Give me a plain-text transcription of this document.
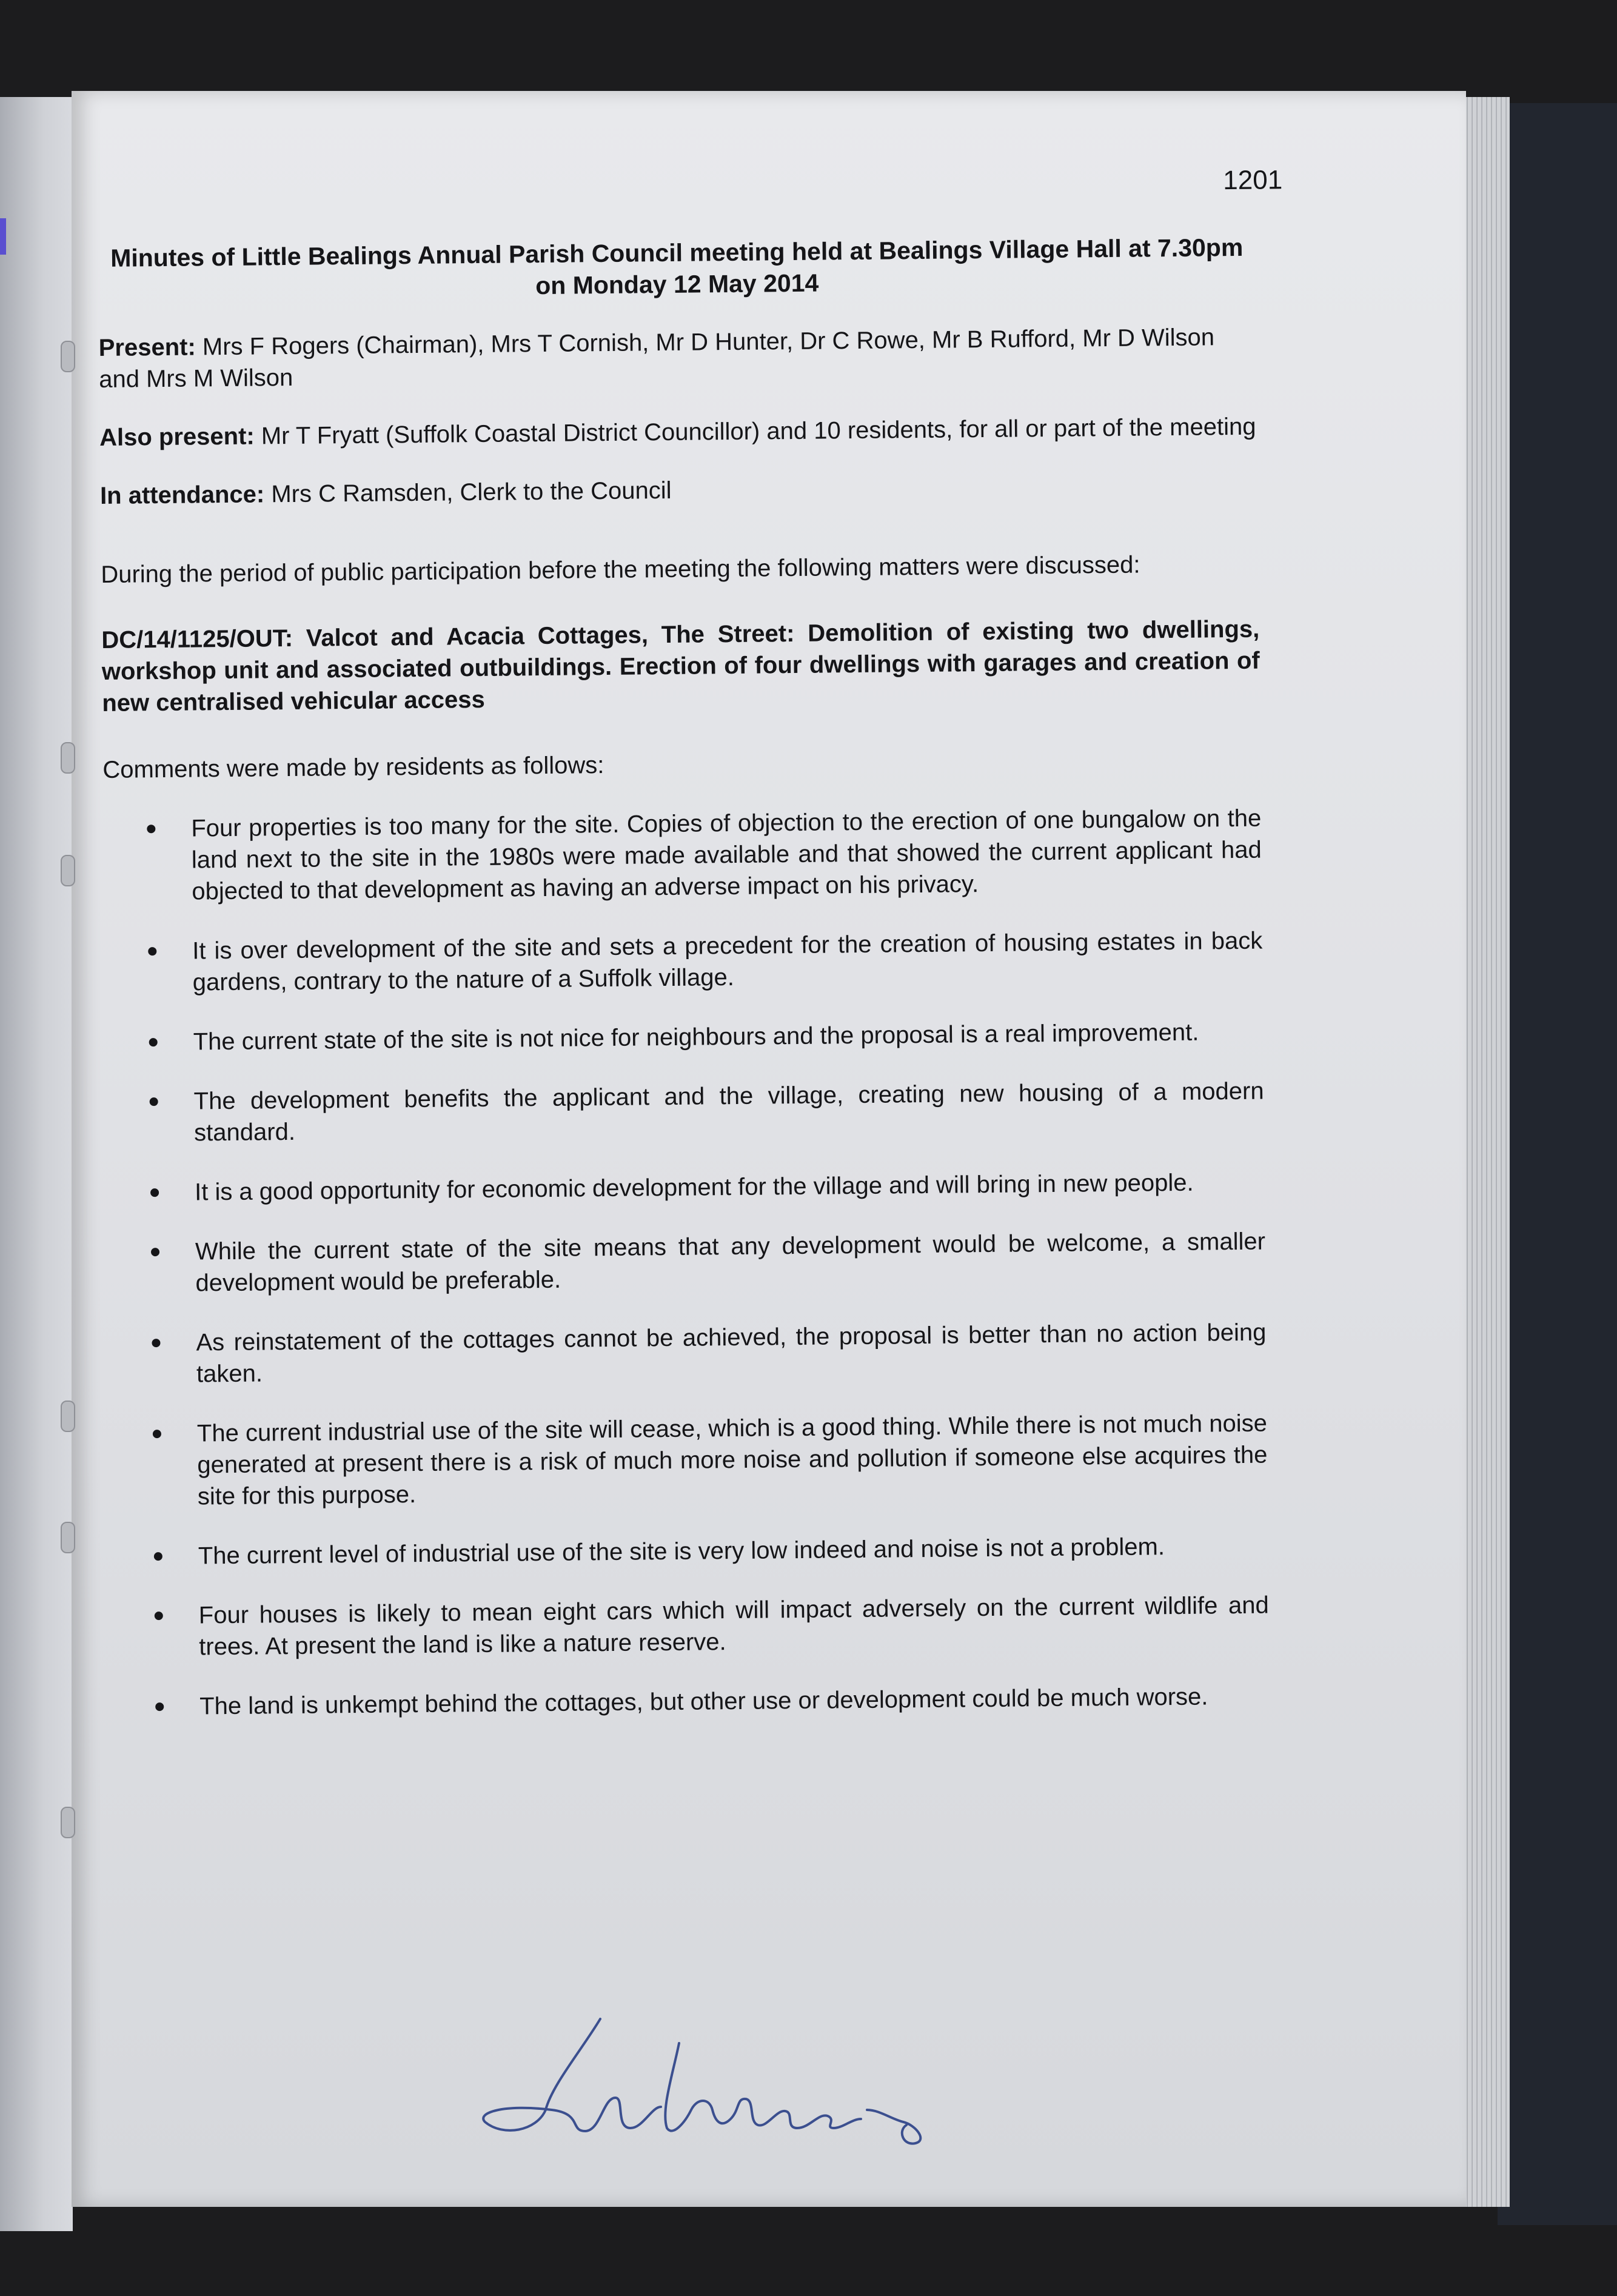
1201
Minutes of Little Bealings Annual Parish Council meeting held at Bealings Village Hall at 7.30pm on Monday 12 May 2014
Present: Mrs F Rogers (Chairman), Mrs T Cornish, Mr D Hunter, Dr C Rowe, Mr B Rufford, Mr D Wilson and Mrs M Wilson
Also present: Mr T Fryatt (Suffolk Coastal District Councillor) and 10 residents, for all or part of the meeting
In attendance: Mrs C Ramsden, Clerk to the Council
During the period of public participation before the meeting the following matters were discussed:
DC/14/1125/OUT: Valcot and Acacia Cottages, The Street: Demolition of existing two dwellings, workshop unit and associated outbuildings. Erection of four dwellings with garages and creation of new centralised vehicular access
Comments were made by residents as follows:
Four properties is too many for the site. Copies of objection to the erection of one bungalow on the land next to the site in the 1980s were made available and that showed the current applicant had objected to that development as having an adverse impact on his privacy.
It is over development of the site and sets a precedent for the creation of housing estates in back gardens, contrary to the nature of a Suffolk village.
The current state of the site is not nice for neighbours and the proposal is a real improvement.
The development benefits the applicant and the village, creating new housing of a modern standard.
It is a good opportunity for economic development for the village and will bring in new people.
While the current state of the site means that any development would be welcome, a smaller development would be preferable.
As reinstatement of the cottages cannot be achieved, the proposal is better than no action being taken.
The current industrial use of the site will cease, which is a good thing. While there is not much noise generated at present there is a risk of much more noise and pollution if someone else acquires the site for this purpose.
The current level of industrial use of the site is very low indeed and noise is not a problem.
Four houses is likely to mean eight cars which will impact adversely on the current wildlife and trees. At present the land is like a nature reserve.
The land is unkempt behind the cottages, but other use or development could be much worse.
